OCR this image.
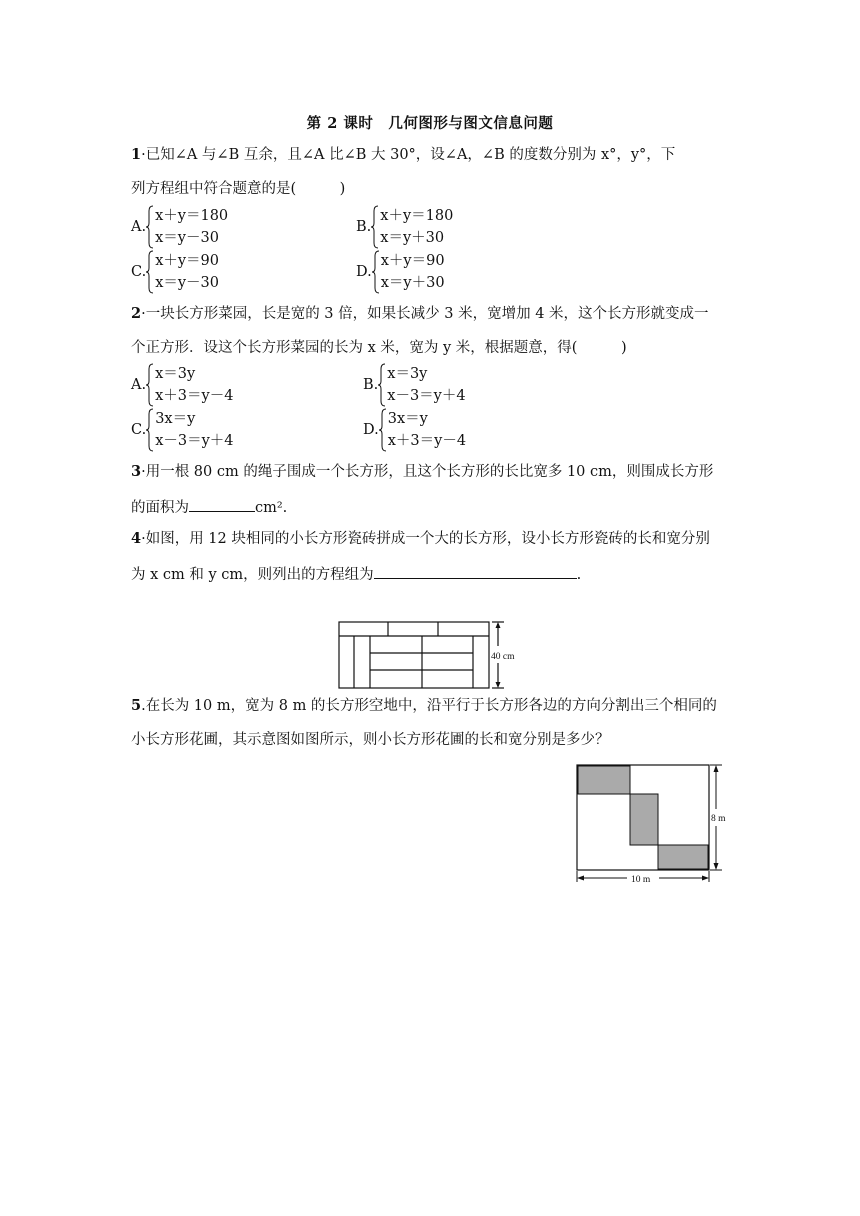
第 2 课时　几何图形与图文信息问题
1·已知∠A 与∠B 互余，且∠A 比∠B 大 30°，设∠A，∠B 的度数分别为 x°，y°，下
列方程组中符合题意的是(　　　)
A.
x＋y＝180
x＝y－30
B.
x＋y＝180
x＝y＋30
C.
x＋y＝90
x＝y－30
D.
x＋y＝90
x＝y＋30
2·一块长方形菜园，长是宽的 3 倍，如果长减少 3 米，宽增加 4 米，这个长方形就变成一
个正方形．设这个长方形菜园的长为 x 米，宽为 y 米，根据题意，得(　　　)
A.
x＝3y
x＋3＝y－4
B.
x＝3y
x－3＝y＋4
C.
3x＝y
x－3＝y＋4
D.
3x＝y
x＋3＝y－4
3·用一根 80 cm 的绳子围成一个长方形，且这个长方形的长比宽多 10 cm，则围成长方形
的面积为	cm².
4·如图，用 12 块相同的小长方形瓷砖拼成一个大的长方形，设小长方形瓷砖的长和宽分别
为 x cm 和 y cm，则列出的方程组为	.
40 cm
5.在长为 10 m，宽为 8 m 的长方形空地中，沿平行于长方形各边的方向分割出三个相同的
小长方形花圃，其示意图如图所示，则小长方形花圃的长和宽分别是多少？
10 m
8 m
